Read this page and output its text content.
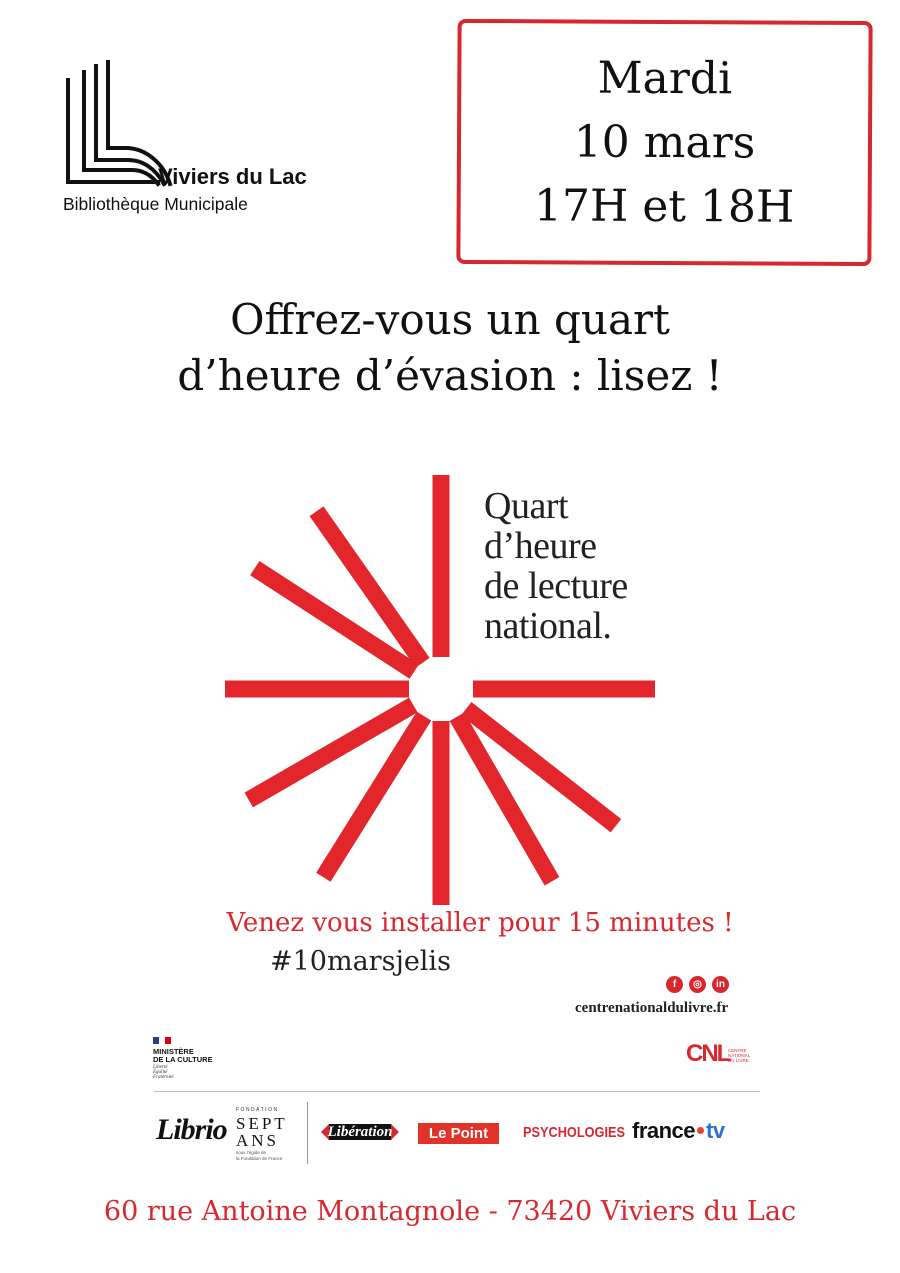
Viviers du Lac
Bibliothèque Municipale
Mardi
10 mars
17H et 18H
Offrez-vous un quart
d’heure d’évasion : lisez !
Quart
d’heure
de lecture
national.
Venez vous installer pour 15 minutes !
#10marsjelis
f	◎	in
centrenationaldulivre.fr
MINISTÈRE
DE LA CULTURE
Liberté
Égalité
Fraternité
CNL
CENTRE
NATIONAL
DU LIVRE
Librio
FONDATION
SEPT
ANS
sous l’égide de
la Fondation de France
Libération	Le Point	PSYCHOLOGIES france tv
60 rue Antoine Montagnole - 73420 Viviers du Lac
